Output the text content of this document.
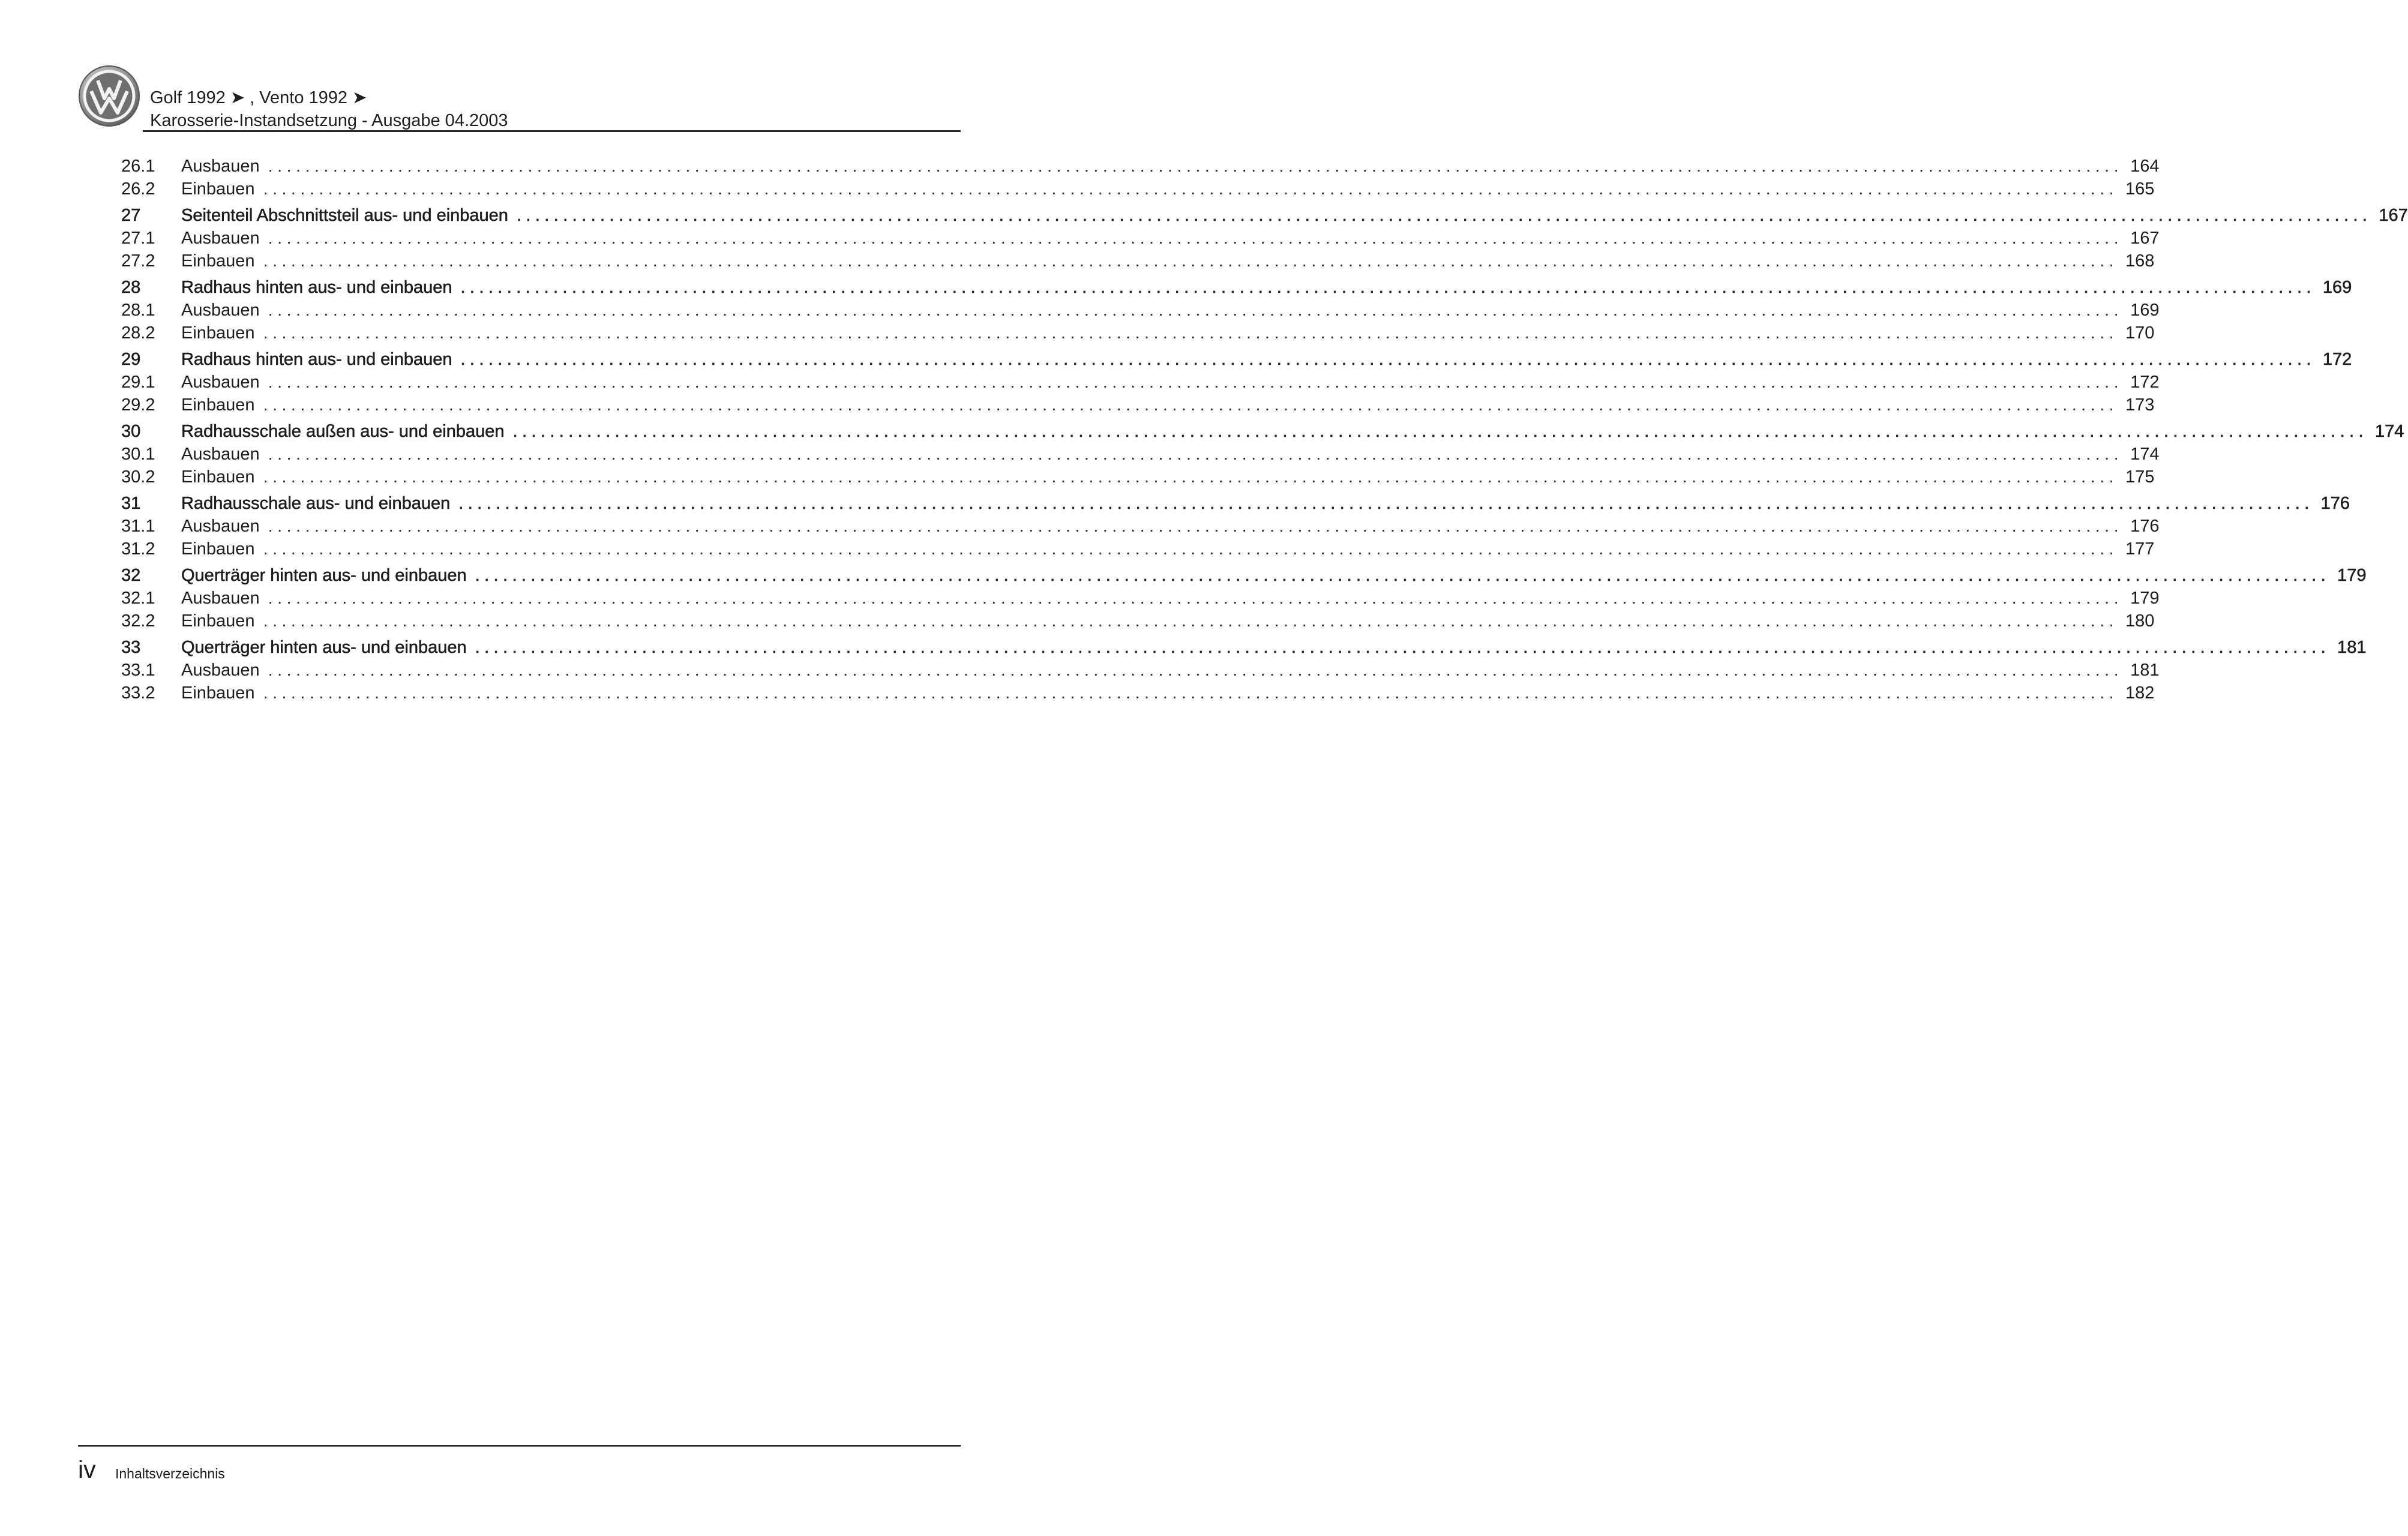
Golf 1992 ➤ , Vento 1992 ➤
Karosserie-Instandsetzung - Ausgabe 04.2003
26.1	Ausbauen ........................................................................................................................................................................................................ 164
26.2	Einbauen ........................................................................................................................................................................................................ 165
27	Seitenteil Abschnittsteil aus- und einbauen ........................................................................................................................................................................................................ 167
27.1	Ausbauen ........................................................................................................................................................................................................ 167
27.2	Einbauen ........................................................................................................................................................................................................ 168
28	Radhaus hinten aus- und einbauen ........................................................................................................................................................................................................ 169
28.1	Ausbauen ........................................................................................................................................................................................................ 169
28.2	Einbauen ........................................................................................................................................................................................................ 170
29	Radhaus hinten aus- und einbauen ........................................................................................................................................................................................................ 172
29.1	Ausbauen ........................................................................................................................................................................................................ 172
29.2	Einbauen ........................................................................................................................................................................................................ 173
30	Radhausschale außen aus- und einbauen ........................................................................................................................................................................................................ 174
30.1	Ausbauen ........................................................................................................................................................................................................ 174
30.2	Einbauen ........................................................................................................................................................................................................ 175
31	Radhausschale aus- und einbauen ........................................................................................................................................................................................................ 176
31.1	Ausbauen ........................................................................................................................................................................................................ 176
31.2	Einbauen ........................................................................................................................................................................................................ 177
32	Querträger hinten aus- und einbauen ........................................................................................................................................................................................................ 179
32.1	Ausbauen ........................................................................................................................................................................................................ 179
32.2	Einbauen ........................................................................................................................................................................................................ 180
33	Querträger hinten aus- und einbauen ........................................................................................................................................................................................................ 181
33.1	Ausbauen ........................................................................................................................................................................................................ 181
33.2	Einbauen ........................................................................................................................................................................................................ 182
iv Inhaltsverzeichnis
